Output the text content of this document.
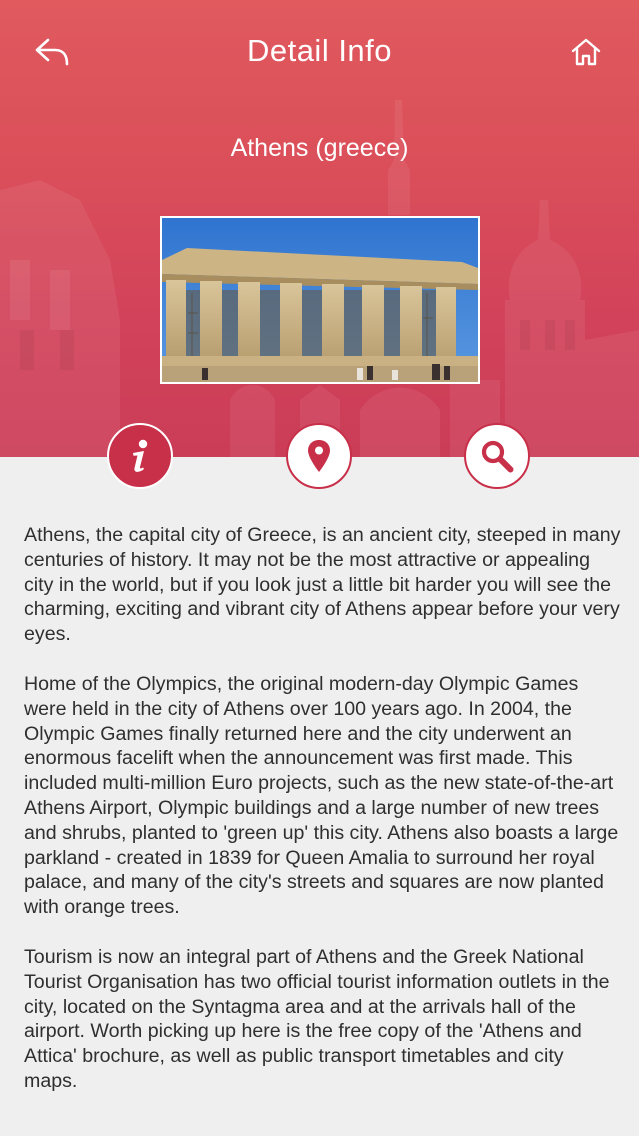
Detail Info
Athens (greece)

Athens, the capital city of Greece, is an ancient city, steeped in many centuries of history. It may not be the most attractive or appealing city in the world, but if you look just a little bit harder you will see the charming, exciting and vibrant city of Athens appear before your very eyes.

Home of the Olympics, the original modern-day Olympic Games were held in the city of Athens over 100 years ago. In 2004, the Olympic Games finally returned here and the city underwent an enormous facelift when the announcement was first made. This included multi-million Euro projects, such as the new state-of-the-art Athens Airport, Olympic buildings and a large number of new trees and shrubs, planted to 'green up' this city. Athens also boasts a large parkland - created in 1839 for Queen Amalia to surround her royal palace, and many of the city's streets and squares are now planted with orange trees.

Tourism is now an integral part of Athens and the Greek National Tourist Organisation has two official tourist information outlets in the city, located on the Syntagma area and at the arrivals hall of the airport. Worth picking up here is the free copy of the 'Athens and Attica' brochure, as well as public transport timetables and city maps.
